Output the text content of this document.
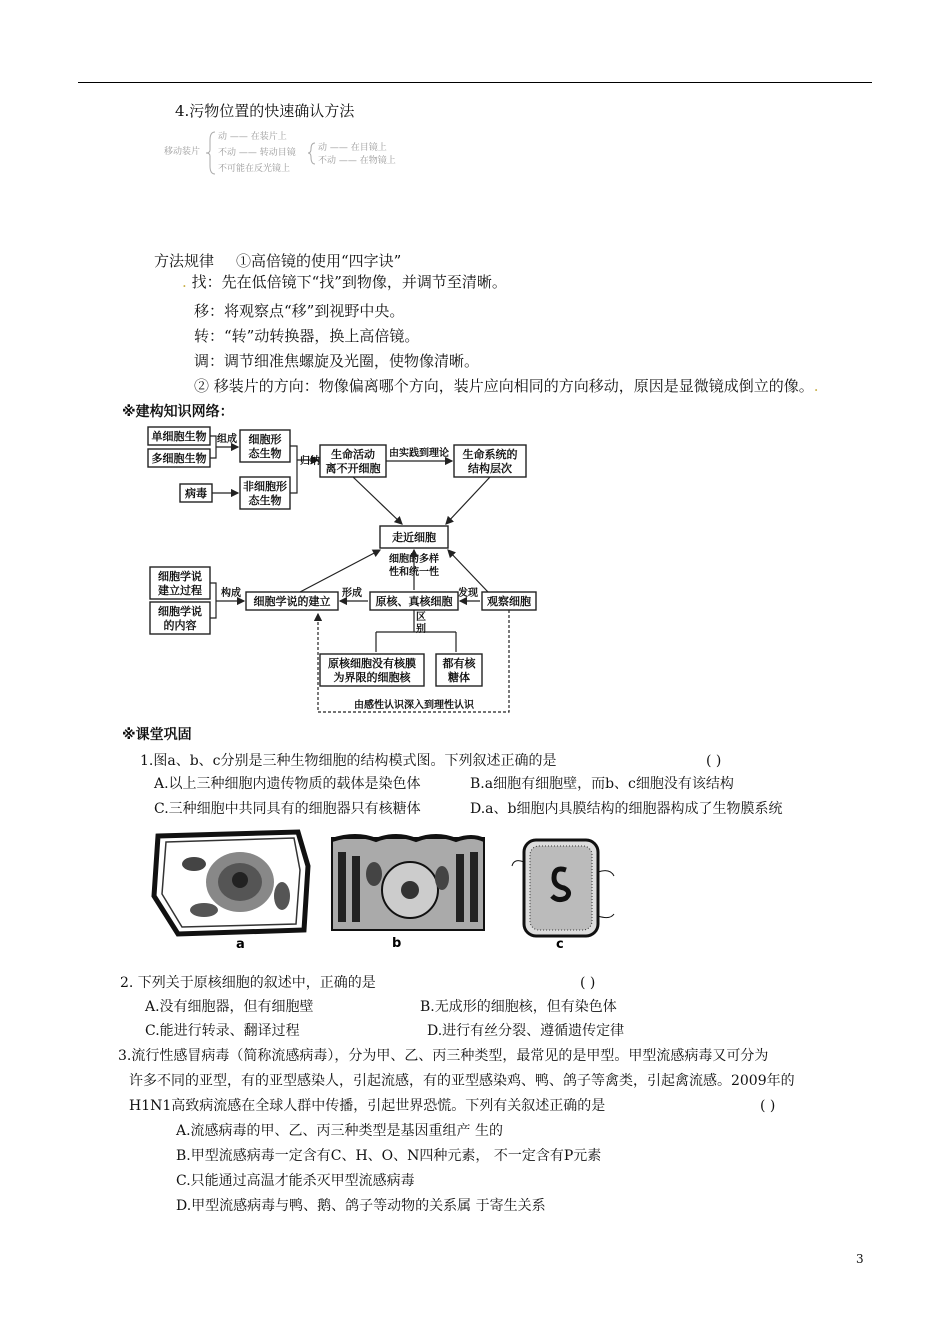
4.污物位置的快速确认方法
移动装片
动 —— 在装片上
不动 —— 转动目镜 动 —— 在目镜上
不动 —— 在物镜上
不可能在反光镜上
方法规律 ①高倍镜的使用“四字诀”
. 找：先在低倍镜下“找”到物像，并调节至清晰。
移：将观察点“移”到视野中央。
转：“转”动转换器，换上高倍镜。
调：调节细准焦螺旋及光圈，使物像清晰。
② 移装片的方向：物像偏离哪个方向，装片应向相同的方向移动，原因是显微镜成倒立的像。.
※建构知识网络：
单细胞生物
多细胞生物
组成 细胞形
态生物
病毒
非细胞形
态生物
归纳
生命活动
离不开细胞
由实践到理论 生命系统的
结构层次
走近细胞
细胞的多样
性和统一性
细胞学说
建立过程
细胞学说
的内容
构成
细胞学说的建立
形成
原核、真核细胞
发现
观察细胞
区
别
原核细胞没有核膜
为界限的细胞核
都有核
糖体
由感性认识深入到理性认识
※课堂巩固
1.图a、b、c分别是三种生物细胞的结构模式图。下列叙述正确的是	( )
A.以上三种细胞内遗传物质的载体是染色体	B.a细胞有细胞壁，而b、c细胞没有该结构
C.三种细胞中共同具有的细胞器只有核糖体	D.a、b细胞内具膜结构的细胞器构成了生物膜系统
a	b	c
2. 下列关于原核细胞的叙述中，正确的是	( )
A.没有细胞器，但有细胞壁	B.无成形的细胞核，但有染色体
C.能进行转录、翻译过程	D.进行有丝分裂、遵循遗传定律
3.流行性感冒病毒（简称流感病毒），分为甲、乙、丙三种类型，最常见的是甲型。甲型流感病毒又可分为
许多不同的亚型，有的亚型感染人，引起流感，有的亚型感染鸡、鸭、鸽子等禽类，引起禽流感。2009年的
H1N1高致病流感在全球人群中传播，引起世界恐慌。下列有关叙述正确的是	( )
A.流感病毒的甲、乙、丙三种类型是基因重组产 生的
B.甲型流感病毒一定含有C、H、O、N四种元素， 不一定含有P元素
C.只能通过高温才能杀灭甲型流感病毒
D.甲型流感病毒与鸭、鹅、鸽子等动物的关系属 于寄生关系
3
